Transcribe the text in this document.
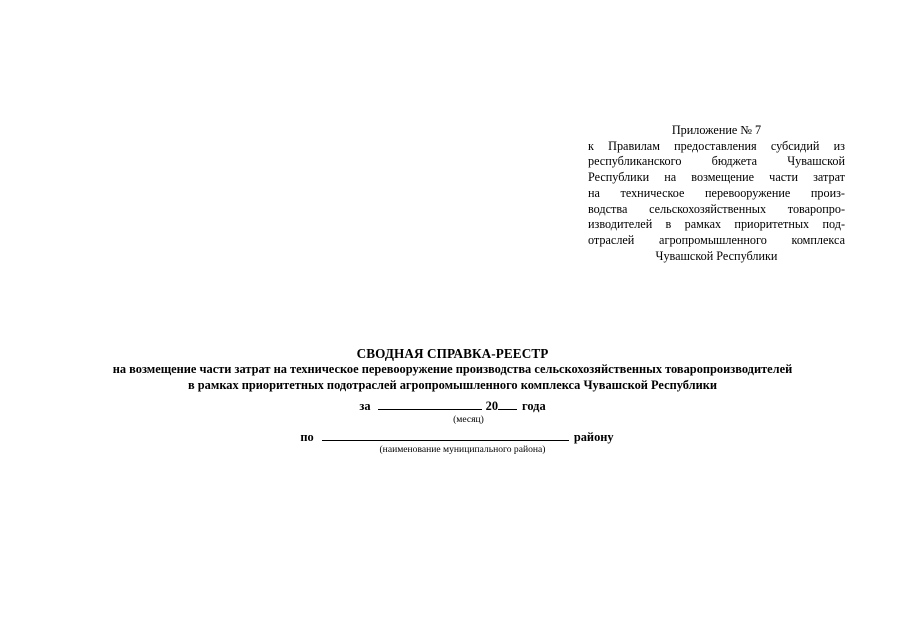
Приложение № 7
к Правилам предоставления субсидий из
республиканского бюджета Чувашской
Республики на возмещение части затрат
на техническое перевооружение произ-
водства сельскохозяйственных товаропро-
изводителей в рамках приоритетных под-
отраслей агропромышленного комплекса
Чувашской Республики
СВОДНАЯ СПРАВКА-РЕЕСТР
на возмещение части затрат на техническое перевооружение производства сельскохозяйственных товаропроизводителей
в рамках приоритетных подотраслей агропромышленного комплекса Чувашской Республики
за	20 года
(месяц)
по	району
(наименование муниципального района)
